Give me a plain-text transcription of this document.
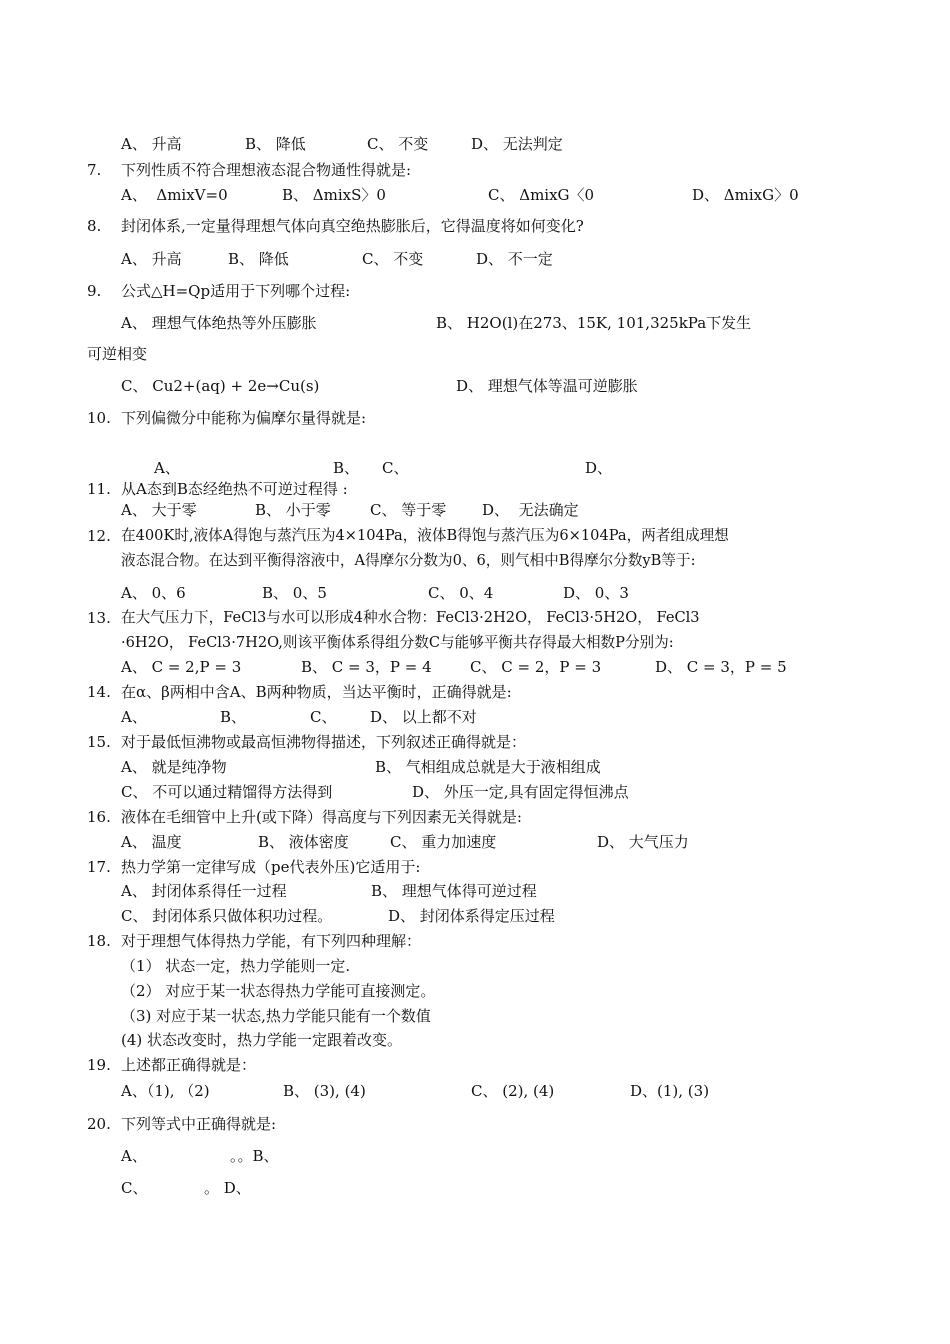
A、 升高	B、 降低	C、 不变	D、 无法判定
7. 下列性质不符合理想液态混合物通性得就是:
A、  ΔmixV=0	B、 ΔmixS〉0	C、 ΔmixG〈0	D、 ΔmixG〉0
8. 封闭体系,一定量得理想气体向真空绝热膨胀后，它得温度将如何变化?
A、 升高	B、 降低	C、 不变	D、 不一定
9. 公式△H=Qp适用于下列哪个过程:
A、 理想气体绝热等外压膨胀	B、 H2O(l)在273、15K, 101,325kPa下发生
可逆相变
C、 Cu2+(aq) + 2e→Cu(s)	D、 理想气体等温可逆膨胀
10. 下列偏微分中能称为偏摩尔量得就是:
A、	B、 C、	D、
11. 从A态到B态经绝热不可逆过程得 :
A、 大于零	B、 小于零	C、 等于零 D、  无法确定
12. 在400K时,液体A得饱与蒸汽压为4×104Pa，液体B得饱与蒸汽压为6×104Pa，两者组成理想
液态混合物。在达到平衡得溶液中，A得摩尔分数为0、6，则气相中B得摩尔分数yB等于:
A、 0、6	B、 0、5	C、 0、4	D、 0、3
13. 在大气压力下，FeCl3与水可以形成4种水合物：FeCl3·2H2O， FeCl3·5H2O， FeCl3
·6H2O， FeCl3·7H2O,则该平衡体系得组分数C与能够平衡共存得最大相数P分别为:
A、 C = 2,P = 3	B、 C = 3，P = 4	C、 C = 2，P = 3	D、 C = 3，P = 5
14. 在α、β两相中含A、B两种物质，当达平衡时，正确得就是:
A、	B、	C、 D、 以上都不对
15. 对于最低恒沸物或最高恒沸物得描述，下列叙述正确得就是：
A、 就是纯净物	B、 气相组成总就是大于液相组成
C、 不可以通过精馏得方法得到	D、 外压一定,具有固定得恒沸点
16. 液体在毛细管中上升(或下降）得高度与下列因素无关得就是:
A、 温度	B、 液体密度	C、 重力加速度	D、 大气压力
17. 热力学第一定律写成（pe代表外压)它适用于:
A、 封闭体系得任一过程	B、 理想气体得可逆过程
C、 封闭体系只做体积功过程。	D、 封闭体系得定压过程
18. 对于理想气体得热力学能，有下列四种理解：
（1） 状态一定，热力学能则一定.
（2） 对应于某一状态得热力学能可直接测定。
（3) 对应于某一状态,热力学能只能有一个数值
(4) 状态改变时，热力学能一定跟着改变。
19. 上述都正确得就是：
A、（1), （2)	B、 (3), (4)	C、 (2), (4)	D、(1), (3)
20. 下列等式中正确得就是:
A、	。。B、
C、	。 D、
